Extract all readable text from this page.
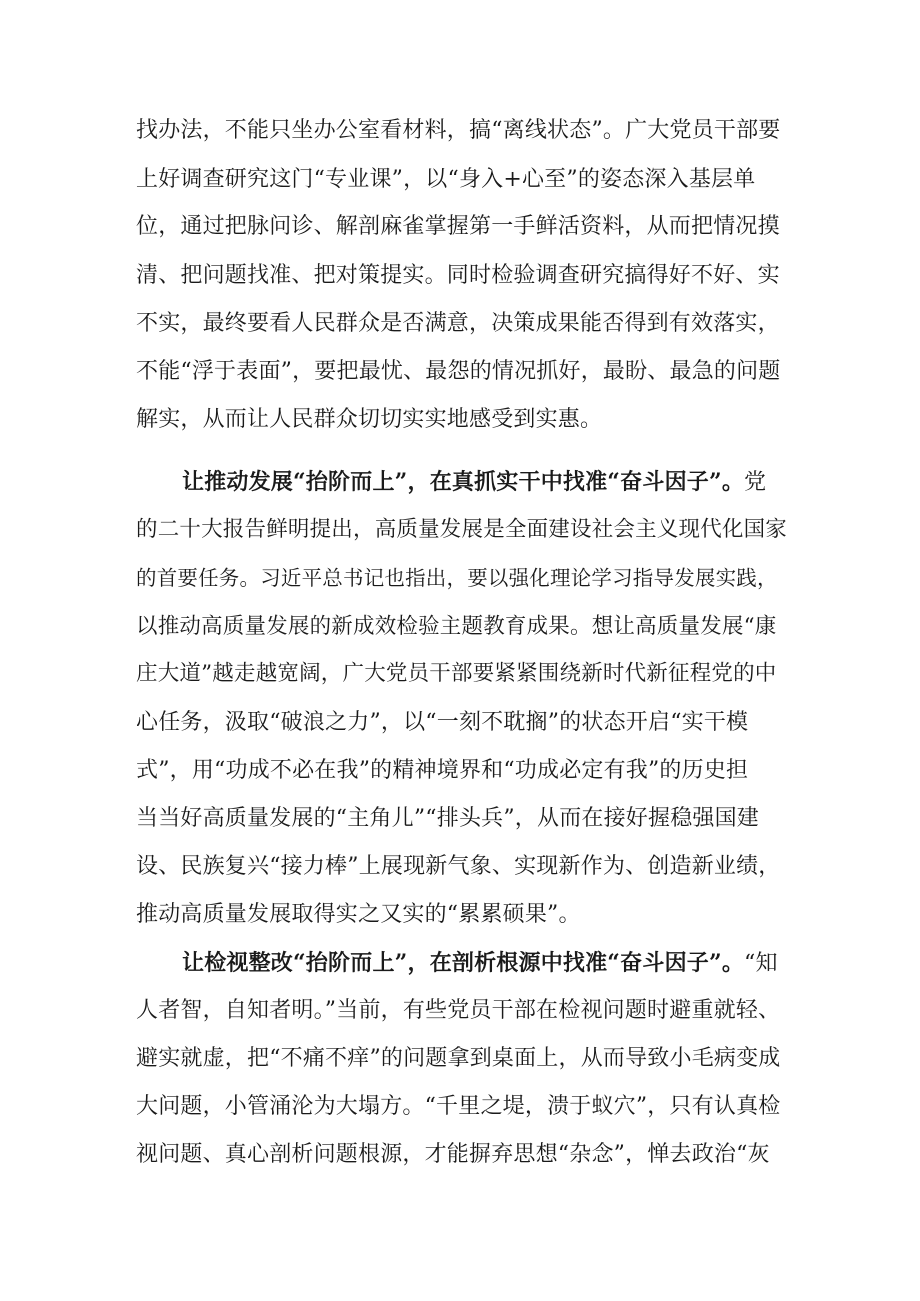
找办法，不能只坐办公室看材料，搞“离线状态”。广大党员干部要
上好调查研究这门“专业课”，以“身入+心至”的姿态深入基层单
位，通过把脉问诊、解剖麻雀掌握第一手鲜活资料，从而把情况摸
清、把问题找准、把对策提实。同时检验调查研究搞得好不好、实
不实，最终要看人民群众是否满意，决策成果能否得到有效落实，
不能“浮于表面”，要把最忧、最怨的情况抓好，最盼、最急的问题
解实，从而让人民群众切切实实地感受到实惠。
让推动发展“抬阶而上”，在真抓实干中找准“奋斗因子”。党
的二十大报告鲜明提出，高质量发展是全面建设社会主义现代化国家
的首要任务。习近平总书记也指出，要以强化理论学习指导发展实践，
以推动高质量发展的新成效检验主题教育成果。想让高质量发展“康
庄大道”越走越宽阔，广大党员干部要紧紧围绕新时代新征程党的中
心任务，汲取“破浪之力”，以“一刻不耽搁”的状态开启“实干模
式”，用“功成不必在我”的精神境界和“功成必定有我”的历史担
当当好高质量发展的“主角儿”“排头兵”，从而在接好握稳强国建
设、民族复兴“接力棒”上展现新气象、实现新作为、创造新业绩，
推动高质量发展取得实之又实的“累累硕果”。
让检视整改“抬阶而上”，在剖析根源中找准“奋斗因子”。“知
人者智，自知者明。”当前，有些党员干部在检视问题时避重就轻、
避实就虚，把“不痛不痒”的问题拿到桌面上，从而导致小毛病变成
大问题，小管涌沦为大塌方。“千里之堤，溃于蚁穴”，只有认真检
视问题、真心剖析问题根源，才能摒弃思想“杂念”，惮去政治“灰
